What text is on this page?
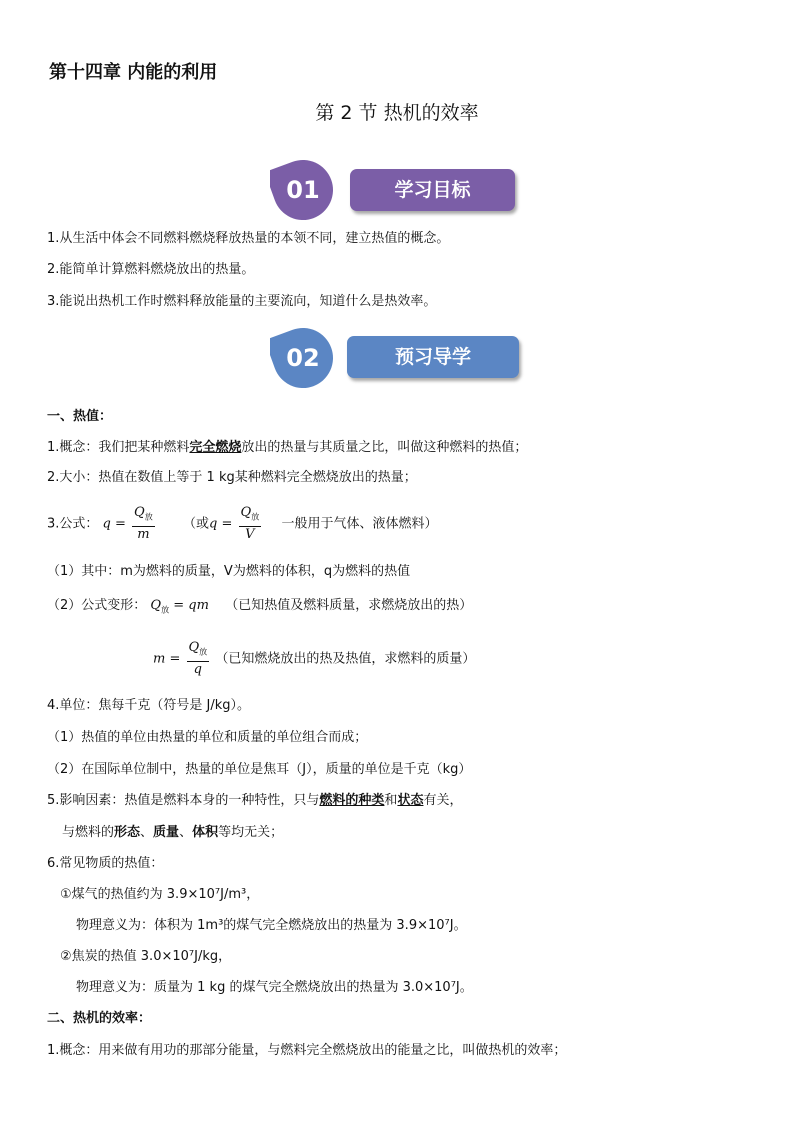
第十四章 内能的利用
第 2 节 热机的效率
01	学习目标
1.从生活中体会不同燃料燃烧释放热量的本领不同，建立热值的概念。
2.能简单计算燃料燃烧放出的热量。
3.能说出热机工作时燃料释放能量的主要流向，知道什么是热效率。
02	预习导学
一、热值：
1.概念：我们把某种燃料完全燃烧放出的热量与其质量之比，叫做这种燃料的热值；
2.大小：热值在数值上等于 1 kg某种燃料完全燃烧放出的热量；
3.公式： $q = \frac{Q_放}{m}$ （或$q = \frac{Q_放}{V}$ 一般用于气体、液体燃料）
（1）其中：m为燃料的质量，V为燃料的体积，q为燃料的热值
（2）公式变形： $Q_放$ = qm （已知热值及燃料质量，求燃烧放出的热）
$m = \frac{Q_放}{q}$ （已知燃烧放出的热及热值，求燃料的质量）
4.单位：焦每千克（符号是 J/kg）。
（1）热值的单位由热量的单位和质量的单位组合而成；
（2）在国际单位制中，热量的单位是焦耳（J），质量的单位是千克（kg）
5.影响因素：热值是燃料本身的一种特性，只与燃料的种类和状态有关，
与燃料的形态、质量、体积等均无关；
6.常见物质的热值：
①煤气的热值约为 3.9×10⁷J/m³，
物理意义为：体积为 1m³的煤气完全燃烧放出的热量为 3.9×10⁷J。
②焦炭的热值 3.0×10⁷J/kg，
物理意义为：质量为 1 kg 的煤气完全燃烧放出的热量为 3.0×10⁷J。
二、热机的效率：
1.概念：用来做有用功的那部分能量，与燃料完全燃烧放出的能量之比，叫做热机的效率；
